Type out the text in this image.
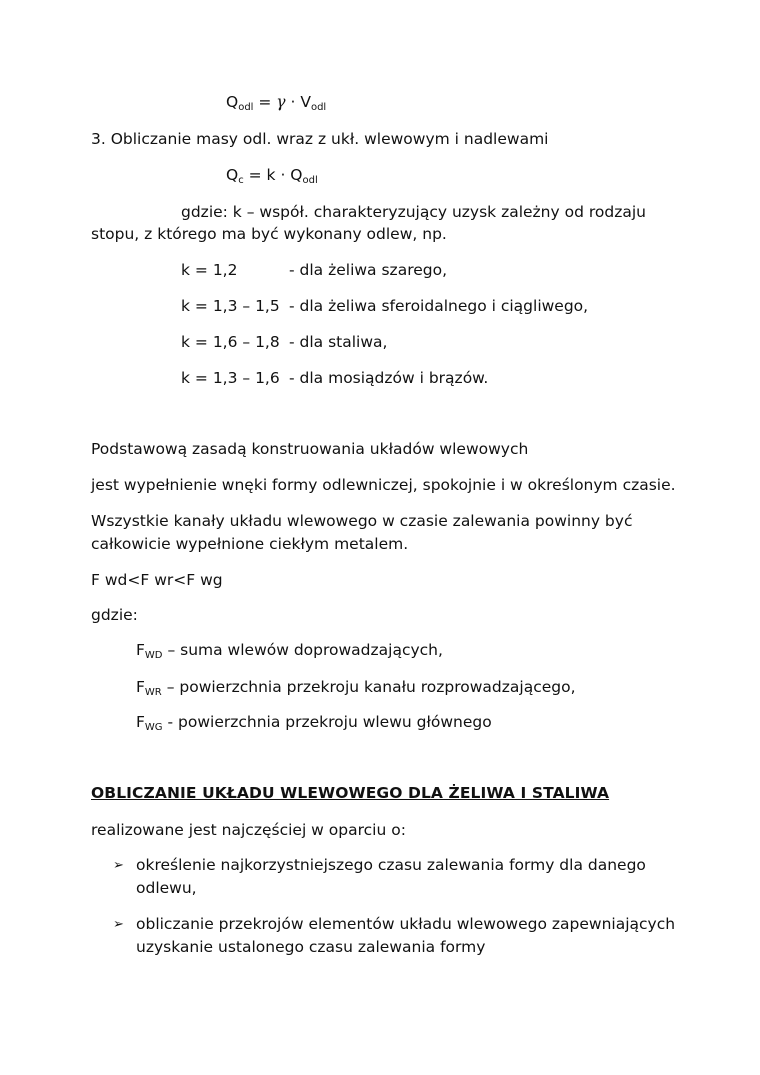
$Q_{odl} = \gamma \cdot V_{odl}$
3. Obliczanie masy odl. wraz z ukł. wlewowym i nadlewami
$Q_c = k \cdot Q_{odl}$
gdzie: k – współ. charakteryzujący uzysk zależny od rodzaju
stopu, z którego ma być wykonany odlew, np.
k = 1,2	- dla żeliwa szarego,
k = 1,3 – 1,5 - dla żeliwa sferoidalnego i ciągliwego,
k = 1,6 – 1,8 - dla staliwa,
k = 1,3 – 1,6 - dla mosiądzów i brązów.
Podstawową zasadą konstruowania układów wlewowych
jest wypełnienie wnęki formy odlewniczej, spokojnie i w określonym czasie.
Wszystkie kanały układu wlewowego w czasie zalewania powinny być
całkowicie wypełnione ciekłym metalem.
F wd<F wr<F wg
gdzie:
$F_{WD}$ – suma wlewów doprowadzających,
$F_{WR}$ – powierzchnia przekroju kanału rozprowadzającego,
$F_{WG}$ - powierzchnia przekroju wlewu głównego
OBLICZANIE UKŁADU WLEWOWEGO DLA ŻELIWA I STALIWA
realizowane jest najczęściej w oparciu o:
➢ określenie najkorzystniejszego czasu zalewania formy dla danego
odlewu,
➢ obliczanie przekrojów elementów układu wlewowego zapewniających
uzyskanie ustalonego czasu zalewania formy
